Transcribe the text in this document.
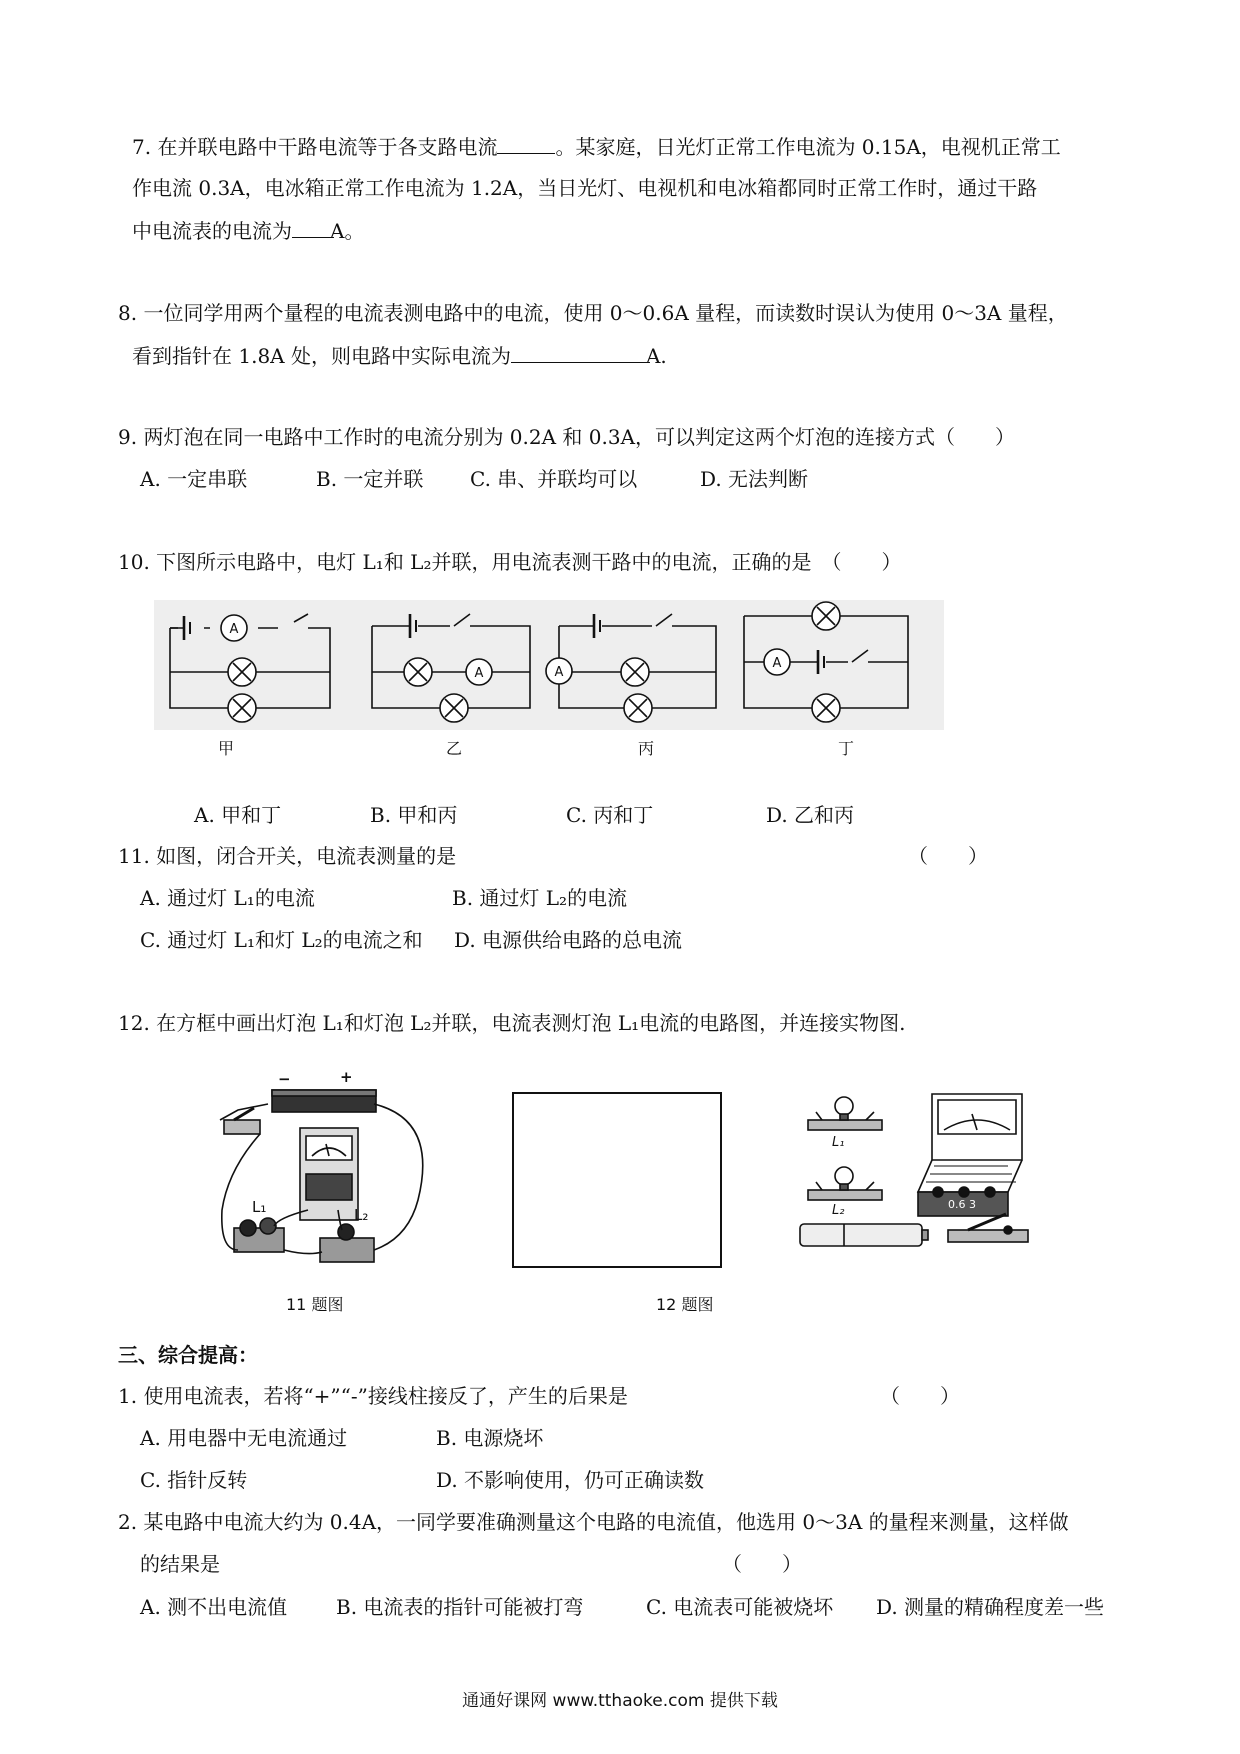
7. 在并联电路中干路电流等于各支路电流	。某家庭，日光灯正常工作电流为 0.15A，电视机正常工
作电流 0.3A，电冰箱正常工作电流为 1.2A，当日光灯、电视机和电冰箱都同时正常工作时，通过干路
中电流表的电流为 A。
8. 一位同学用两个量程的电流表测电路中的电流，使用 0～0.6A 量程，而读数时误认为使用 0～3A 量程，
看到指针在 1.8A 处，则电路中实际电流为	A.
9. 两灯泡在同一电路中工作时的电流分别为 0.2A 和 0.3A，可以判定这两个灯泡的连接方式（　　）
A. 一定串联	B. 一定并联 C. 串、并联均可以	D. 无法判断
10. 下图所示电路中，电灯 L₁和 L₂并联，用电流表测干路中的电流，正确的是　（　　）
A
A	A
A
甲	乙	丙	丁
A. 甲和丁	B. 甲和丙	C. 丙和丁	D. 乙和丙
11. 如图，闭合开关，电流表测量的是	（　　）
A. 通过灯 L₁的电流	B. 通过灯 L₂的电流
C. 通过灯 L₁和灯 L₂的电流之和 D. 电源供给电路的总电流
12. 在方框中画出灯泡 L₁和灯泡 L₂并联，电流表测灯泡 L₁电流的电路图，并连接实物图.
−	+
L₁	L₂
11 题图	12 题图
L₁
L₂	0.6 3
三、综合提高：
1. 使用电流表，若将“+”“-”接线柱接反了，产生的后果是	（　　）
A. 用电器中无电流通过	B. 电源烧坏
C. 指针反转	D. 不影响使用，仍可正确读数
2. 某电路中电流大约为 0.4A，一同学要准确测量这个电路的电流值，他选用 0～3A 的量程来测量，这样做
的结果是	（　　）
A. 测不出电流值 B. 电流表的指针可能被打弯	C. 电流表可能被烧坏 D. 测量的精确程度差一些
通通好课网 www.tthaoke.com 提供下载
